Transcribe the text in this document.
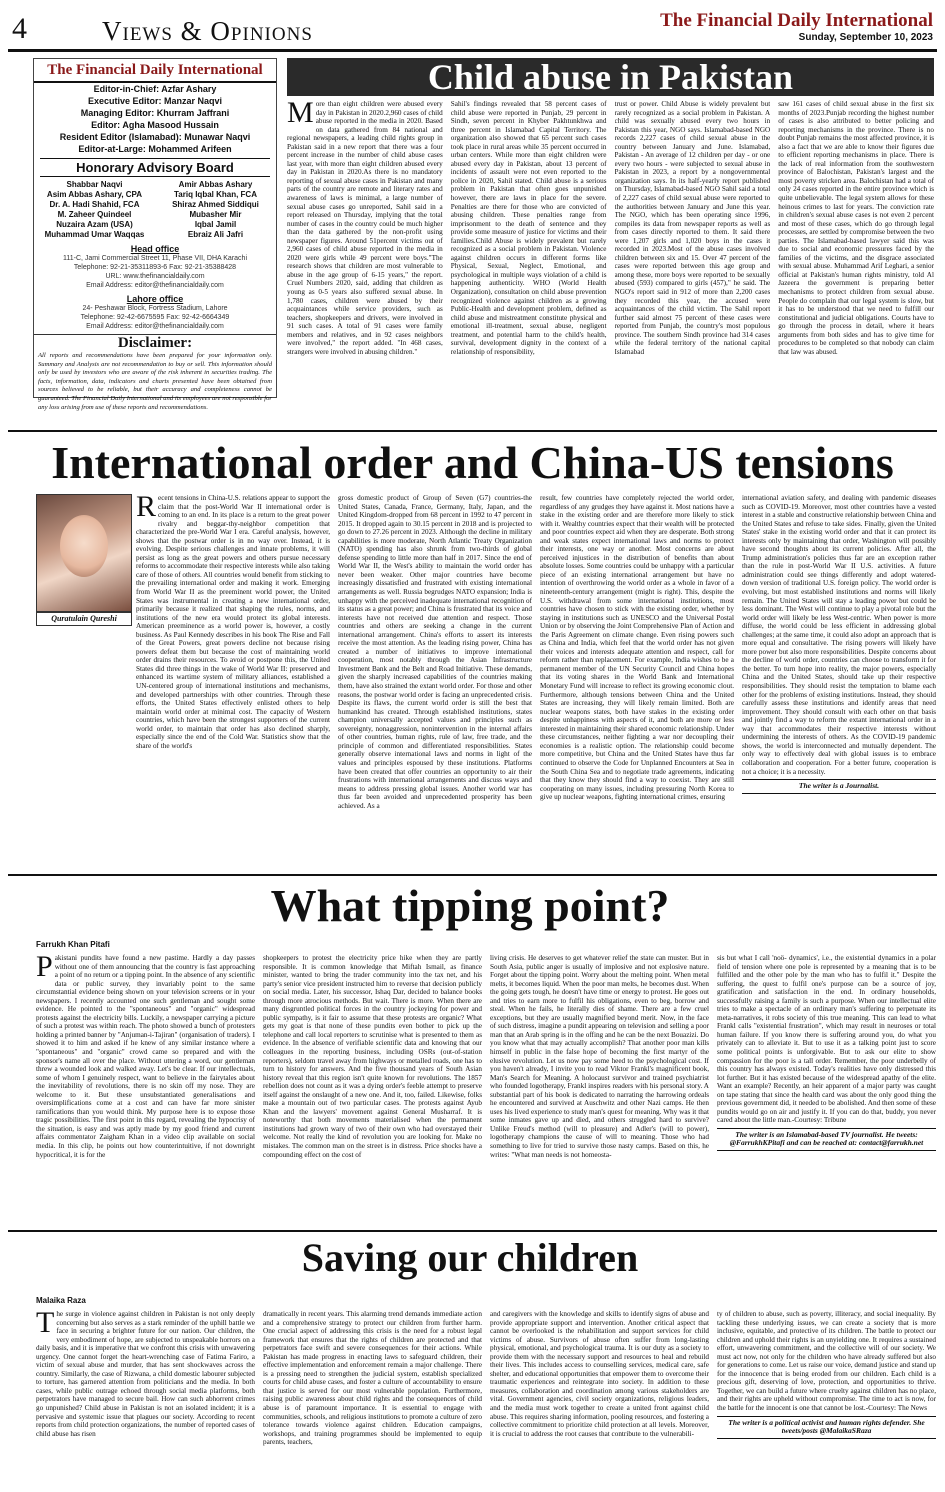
4	Views & Opinions	The Financial Daily International
Sunday, September 10, 2023
The Financial Daily International
Editor-in-Chief: Azfar Ashary
Executive Editor: Manzar Naqvi
Managing Editor: Khurram Jaffrani
Editor: Agha Masood Hussain
Resident Editor (Islamabad): Munawar Naqvi
Editor-at-Large: Mohammed Arifeen
Honorary Advisory Board
Shabbar Naqvi
Asim Abbas Ashary, CPA
Dr. A. Hadi Shahid, FCA
M. Zaheer Quindeel
Nuzaira Azam (USA)
Muhammad Umar Waqqas
Amir Abbas Ashary
Tariq Iqbal Khan, FCA
Shiraz Ahmed Siddiqui
Mubasher Mir
Iqbal Jamil
Ebraiz Ali Jafri
Head office
111-C, Jami Commercial Street 11, Phase VII, DHA Karachi
Telephone: 92-21-35311893-6 Fax: 92-21-35388428
URL: www.thefinancialdaily.com
Email Address: editor@thefinancialdaily.com
Lahore office
24- Peshawar Block, Fortress Stadium, Lahore
Telephone: 92-42-6675595 Fax: 92-42-6664349
Email Address: editor@thefinancialdaily.com
Disclaimer:
All reports and recommendations have been prepared for your information only. Summary and Analysis are not recommendation to buy or sell. This information should only be used by investors who are aware of the risk inherent in securities trading. The facts, information, data, indicators and charts presented have been obtained from sources believed to be reliable, but their accuracy and completeness cannot be guaranteed. The Financial Daily International and its employees are not responsible for any loss arising from use of these reports and recommendations.
Child abuse in Pakistan
More than eight children were abused every day in Pakistan in 2020.2,960 cases of child abuse reported in the media in 2020. Based on data gathered from 84 national and regional newspapers, a leading child rights group in Pakistan said in a new report that there was a four percent increase in the number of child abuse cases last year, with more than eight children abused every day in Pakistan in 2020.As there is no mandatory reporting of sexual abuse cases in Pakistan and many parts of the country are remote and literary rates and awareness of laws is minimal, a large number of sexual abuse cases go unreported, Sahil said in a report released on Thursday, implying that the total number of cases in the country could be much higher than the data gathered by the non-profit using newspaper figures. Around 51percent victims out of 2,960 cases of child abuse reported in the media in 2020 were girls while 49 percent were boys."The research shows that children are most vulnerable to abuse in the age group of 6-15 years," the report. Cruel Numbers 2020, said, adding that children as young as 0-5 years also suffered sexual abuse. In 1,780 cases, children were abused by their acquaintances while service providers, such as teachers, shopkeepers and drivers, were involved in 91 such cases. A total of 91 cases were family members and relatives, and in 92 cases neighbors were involved," the report added. "In 468 cases, strangers were involved in abusing children."
Sahil's findings revealed that 58 percent cases of child abuse were reported in Punjab, 29 percent in Sindh, seven percent in Khyber Pakhtunkhwa and three percent in Islamabad Capital Territory. The organization also showed that 65 percent such cases took place in rural areas while 35 percent occurred in urban centers. While more than eight children were abused every day in Pakistan, about 13 percent of incidents of assault were not even reported to the police in 2020, Sahil stated. Child abuse is a serious problem in Pakistan that often goes unpunished however, there are laws in place for the severe. Penalties are there for those who are convicted of abusing children. These penalties range from imprisonment to the death of sentence and they provide some measure of justice for victims and their families.Child Abuse is widely prevalent but rarely recognized as a social problem in Pakistan. Violence against children occurs in different forms like Physical, Sexual, Neglect, Emotional, and psychological in multiple ways violation of a child is happening authenticity. WHO (World Health Organization), consultation on child abuse prevention recognized violence against children as a growing Public-Health and development problem, defined as child abuse and mistreatment constitute physical and emotional ill-treatment, sexual abuse, negligent treatment, and potential harm to the child's health, survival, development dignity in the context of a relationship of responsibility,
trust or power. Child Abuse is widely prevalent but rarely recognized as a social problem in Pakistan. A child was sexually abused every two hours in Pakistan this year, NGO says. Islamabad-based NGO records 2,227 cases of child sexual abuse in the country between January and June. Islamabad, Pakistan - An average of 12 children per day - or one every two hours - were subjected to sexual abuse in Pakistan in 2023, a report by a nongovernmental organization says. In its half-yearly report published on Thursday, Islamabad-based NGO Sahil said a total of 2,227 cases of child sexual abuse were reported to the authorities between January and June this year. The NGO, which has been operating since 1996, compiles its data from newspaper reports as well as from cases directly reported to them. It said there were 1,207 girls and 1,020 boys in the cases it recorded in 2023.Most of the abuse cases involved children between six and 15. Over 47 percent of the cases were reported between this age group and among these, more boys were reported to be sexually abused (593) compared to girls (457)," he said. The NGO's report said in 912 of more than 2,200 cases they recorded this year, the accused were acquaintances of the child victim. The Sahil report further said almost 75 percent of these cases were reported from Punjab, the country's most populous province. The southern Sindh province had 314 cases while the federal territory of the national capital Islamabad
saw 161 cases of child sexual abuse in the first six months of 2023.Punjab recording the highest number of cases is also attributed to better policing and reporting mechanisms in the province. There is no doubt Punjab remains the most affected province, it is also a fact that we are able to know their figures due to efficient reporting mechanisms in place. There is the lack of real information from the southwestern province of Balochistan, Pakistan's largest and the most poverty stricken area. Balochistan had a total of only 24 cases reported in the entire province which is quite unbelievable. The legal system allows for these heinous crimes to last for years. The conviction rate in children's sexual abuse cases is not even 2 percent and most of these cases, which do go through legal processes, are settled by compromise between the two parties. The Islamabad-based lawyer said this was due to social and economic pressures faced by the families of the victims, and the disgrace associated with sexual abuse. Muhammad Arif Leghari, a senior official at Pakistan's human rights ministry, told Al Jazeera the government is preparing better mechanisms to protect children from sexual abuse. People do complain that our legal system is slow, but it has to be understood that we need to fulfill our constitutional and judicial obligations. Courts have to go through the process in detail, where it hears arguments from both sides and has to give time for procedures to be completed so that nobody can claim that law was abused.
International order and China-US tensions
Quratulain Qureshi
Recent tensions in China-U.S. relations appear to support the claim that the post-World War II international order is coming to an end. In its place is a return to the great power rivalry and beggar-thy-neighbor competition that characterized the pre-World War I era. Careful analysis, however, shows that the postwar order is in no way over. Instead, it is evolving. Despite serious challenges and innate problems, it will persist as long as the great powers and others pursue necessary reforms to accommodate their respective interests while also taking care of those of others. All countries would benefit from sticking to the prevailing international order and making it work. Emerging from World War II as the preeminent world power, the United States was instrumental in creating a new international order, primarily because it realized that shaping the rules, norms, and institutions of the new era would protect its global interests. American preeminence as a world power is, however, a costly business. As Paul Kennedy describes in his book The Rise and Fall of the Great Powers, great powers decline not because rising powers defeat them but because the cost of maintaining world order drains their resources. To avoid or postpone this, the United States did three things in the wake of World War II: preserved and enhanced its wartime system of military alliances, established a UN-centered group of international institutions and mechanisms, and developed partnerships with other countries. Through these efforts, the United States effectively enlisted others to help maintain world order at minimal cost. The capacity of Western countries, which have been the strongest supporters of the current world order, to maintain that order has also declined sharply, especially since the end of the Cold War. Statistics show that the share of the world's
gross domestic product of Group of Seven (G7) countries-the United States, Canada, France, Germany, Italy, Japan, and the United Kingdom-dropped from 68 percent in 1992 to 47 percent in 2015. It dropped again to 30.15 percent in 2018 and is projected to go down to 27.26 percent in 2023. Although the decline in military capabilities is more moderate, North Atlantic Treaty Organization (NATO) spending has also shrunk from two-thirds of global defense spending to little more than half in 2017. Since the end of World War II, the West's ability to maintain the world order has never been weaker. Other major countries have become increasingly dissatisfied and frustrated with existing international arrangements as well. Russia begrudges NATO expansion; India is unhappy with the perceived inadequate international recognition of its status as a great power; and China is frustrated that its voice and interests have not received due attention and respect. Those countries and others are seeking a change in the current international arrangement. China's efforts to assert its interests receive the most attention. As the leading rising power, China has created a number of initiatives to improve international cooperation, most notably through the Asian Infrastructure Investment Bank and the Belt and Road Initiative. These demands, given the sharply increased capabilities of the countries making them, have also strained the extant world order. For those and other reasons, the postwar world order is facing an unprecedented crisis. Despite its flaws, the current world order is still the best that humankind has created. Through established institutions, states champion universally accepted values and principles such as sovereignty, nonaggression, nonintervention in the internal affairs of other countries, human rights, rule of law, free trade, and the principle of common and differentiated responsibilities. States generally observe international laws and norms in light of the values and principles espoused by these institutions. Platforms have been created that offer countries an opportunity to air their frustrations with international arrangements and discuss ways and means to address pressing global issues. Another world war has thus far been avoided and unprecedented prosperity has been achieved. As a
result, few countries have completely rejected the world order, regardless of any grudges they have against it. Most nations have a stake in the existing order and are therefore more likely to stick with it. Wealthy countries expect that their wealth will be protected and poor countries expect aid when they are desperate. Both strong and weak states expect international laws and norms to protect their interests, one way or another. Most concerns are about perceived injustices in the distribution of benefits than about absolute losses. Some countries could be unhappy with a particular piece of an existing international arrangement but have no intention of overthrowing the world order as a whole in favor of a nineteenth-century arrangement (might is right). This, despite the U.S. withdrawal from some international institutions, most countries have chosen to stick with the existing order, whether by staying in institutions such as UNESCO and the Universal Postal Union or by observing the Joint Comprehensive Plan of Action and the Paris Agreement on climate change. Even rising powers such as China and India, which feel that the world order has not given their voices and interests adequate attention and respect, call for reform rather than replacement. For example, India wishes to be a permanent member of the UN Security Council and China hopes that its voting shares in the World Bank and International Monetary Fund will increase to reflect its growing economic clout. Furthermore, although tensions between China and the United States are increasing, they will likely remain limited. Both are nuclear weapons states, both have stakes in the existing order despite unhappiness with aspects of it, and both are more or less interested in maintaining their shared economic relationship. Under these circumstances, neither fighting a war nor decoupling their economies is a realistic option. The relationship could become more competitive, but China and the United States have thus far continued to observe the Code for Unplanned Encounters at Sea in the South China Sea and to negotiate trade agreements, indicating that they know they should find a way to coexist. They are still cooperating on many issues, including pressuring North Korea to give up nuclear weapons, fighting international crimes, ensuring
international aviation safety, and dealing with pandemic diseases such as COVID-19. Moreover, most other countries have a vested interest in a stable and constructive relationship between China and the United States and refuse to take sides. Finally, given the United States' stake in the existing world order and that it can protect its interests only by maintaining that order, Washington will possibly have second thoughts about its current policies. After all, the Trump administration's policies thus far are an exception rather than the rule in post-World War II U.S. activities. A future administration could see things differently and adopt watered-down version of traditional U.S. foreign policy. The world order is evolving, but most established institutions and norms will likely remain. The United States will stay a leading power but could be less dominant. The West will continue to play a pivotal role but the world order will likely be less West-centric. When power is more diffuse, the world could be less efficient in addressing global challenges; at the same time, it could also adopt an approach that is more equal and consultative. The rising powers will likely have more power but also more responsibilities. Despite concerns about the decline of world order, countries can choose to transform it for the better. To turn hope into reality, the major powers, especially China and the United States, should take up their respective responsibilities. They should resist the temptation to blame each other for the problems of existing institutions. Instead, they should carefully assess these institutions and identify areas that need improvement. They should consult with each other on that basis and jointly find a way to reform the extant international order in a way that accommodates their respective interests without undermining the interests of others. As the COVID-19 pandemic shows, the world is interconnected and mutually dependent. The only way to effectively deal with global issues is to embrace collaboration and cooperation. For a better future, cooperation is not a choice; it is a necessity.
The writer is a Journalist.
What tipping point?
Farrukh Khan Pitafi
Pakistani pundits have found a new pastime. Hardly a day passes without one of them announcing that the country is fast approaching a point of no return or a tipping point. In the absence of any scientific data or public survey, they invariably point to the same circumstantial evidence being shown on your television screens or in your newspapers. I recently accounted one such gentleman and sought some evidence. He pointed to the "spontaneous" and "organic" widespread protests against the electricity bills. Luckily, a newspaper carrying a picture of such a protest was within reach. The photo showed a bunch of protesters holding a printed banner by "Anjuman-i-Tajiran" (organisation of traders). I showed it to him and asked if he knew of any similar instance where a "spontaneous" and "organic" crowd came so prepared and with the sponsor's name all over the place. Without uttering a word, our gentleman threw a wounded look and walked away. Let's be clear. If our intellectuals, some of whom I genuinely respect, want to believe in the fairytales about the inevitability of revolutions, there is no skin off my nose. They are welcome to it. But these unsubstantiated generalisations and oversimplifications come at a cost and can have far more sinister ramifications than you would think. My purpose here is to expose those tragic possibilities. The first point in this regard, revealing the hypocrisy of the situation, is easy and was aptly made by my good friend and current affairs commentator Zaigham Khan in a video clip available on social media. In this clip, he points out how counterintuitive, if not downright hypocritical, it is for the
shopkeepers to protest the electricity price hike when they are partly responsible. It is common knowledge that Miftah Ismail, as finance minister, wanted to bring the trader community into the tax net, and his party's senior vice president instructed him to reverse that decision publicly on social media. Later, his successor, Ishaq Dar, decided to balance books through more atrocious methods. But wait. There is more. When there are many disgruntled political forces in the country jockeying for power and public sympathy, is it fair to assume that these protests are organic? What gets my goat is that none of these pundits even bother to pick up the telephone and call local reporters to scrutinise what is presented to them as evidence. In the absence of verifiable scientific data and knowing that our colleagues in the reporting business, including OSRs (out-of-station reporters), seldom travel away from highways or metalled roads, one has to turn to history for answers. And the five thousand years of South Asian history reveal that this region isn't quite known for revolutions. The 1857 rebellion does not count as it was a dying order's feeble attempt to preserve itself against the onslaught of a new one. And it, too, failed. Likewise, folks make a mountain out of two particular cases. The protests against Ayub Khan and the lawyers' movement against General Musharraf. It is noteworthy that both movements materialised when the permanent institutions had grown wary of two of their own who had overstayed their welcome. Not really the kind of revolution you are looking for. Make no mistakes. The common man on the street is in distress. Price shocks have a compounding effect on the cost of
living crisis. He deserves to get whatever relief the state can muster. But in South Asia, public anger is usually of implosive and not explosive nature. Forget about the tipping point. Worry about the melting point. When metal melts, it becomes liquid. When the poor man melts, he becomes dust. When the going gets tough, he doesn't have time or energy to protest. He goes out and tries to earn more to fulfil his obligations, even to beg, borrow and steal. When he fails, he literally dies of shame. There are a few cruel exceptions, but they are usually magnified beyond merit. Now, in the face of such distress, imagine a pundit appearing on television and selling a poor man that an Arab spring is in the offing and he can be the next Bouazizi. Do you know what that may actually accomplish? That another poor man kills himself in public in the false hope of becoming the first martyr of the elusive revolution. Let us now pay some heed to the psychological cost. If you haven't already, I invite you to read Viktor Frankl's magnificent book, Man's Search for Meaning. A holocaust survivor and trained psychiatrist who founded logotherapy, Frankl inspires readers with his personal story. A substantial part of his book is dedicated to narrating the harrowing ordeals he encountered and survived at Auschwitz and other Nazi camps. He then uses his lived experience to study man's quest for meaning. Why was it that some inmates gave up and died, and others struggled hard to survive? Unlike Freud's method (will to pleasure) and Adler's (will to power), logotherapy champions the cause of will to meaning. Those who had something to live for tried to survive those nasty camps. Based on this, he writes: "What man needs is not homeosta-
sis but what I call 'noö- dynamics', i.e., the existential dynamics in a polar field of tension where one pole is represented by a meaning that is to be fulfilled and the other pole by the man who has to fulfil it." Despite the suffering, the quest to fulfil one's purpose can be a source of joy, gratification and satisfaction in the end. In ordinary households, successfully raising a family is such a purpose. When our intellectual elite tries to make a spectacle of an ordinary man's suffering to perpetuate its meta-narratives, it robs society of this true meaning. This can lead to what Frankl calls "existential frustration", which may result in neuroses or total human failure. If you know there is suffering around you, do what you privately can to alleviate it. But to use it as a talking point just to score some political points is unforgivable. But to ask our elite to show compassion for the poor is a tall order. Remember, the poor underbelly of this country has always existed. Today's realities have only distressed this lot further. But it has existed because of the widespread apathy of the elite. Want an example? Recently, an heir apparent of a major party was caught on tape stating that since the health card was about the only good thing the previous government did, it needed to be abolished. And then some of these pundits would go on air and justify it. If you can do that, buddy, you never cared about the little man.-Courtesy: Tribune
The writer is an Islamabad-based TV journalist. He tweets: @FarrukhKPitafi and can be reached at: contact@farrukh.net
Saving our children
Malaika Raza
The surge in violence against children in Pakistan is not only deeply concerning but also serves as a stark reminder of the uphill battle we face in securing a brighter future for our nation. Our children, the very embodiment of hope, are subjected to unspeakable horrors on a daily basis, and it is imperative that we confront this crisis with unwavering urgency. One cannot forget the heart-wrenching case of Fatima Fariro, a victim of sexual abuse and murder, that has sent shockwaves across the country. Similarly, the case of Rizwana, a child domestic labourer subjected to torture, has garnered attention from politicians and the media. In both cases, while public outrage echoed through social media platforms, both perpetrators have managed to secure bail. How can such abhorrent crimes go unpunished? Child abuse in Pakistan is not an isolated incident; it is a pervasive and systemic issue that plagues our society. According to recent reports from child protection organizations, the number of reported cases of child abuse has risen
dramatically in recent years. This alarming trend demands immediate action and a comprehensive strategy to protect our children from further harm. One crucial aspect of addressing this crisis is the need for a robust legal framework that ensures that the rights of children are protected and that perpetrators face swift and severe consequences for their actions. While Pakistan has made progress in enacting laws to safeguard children, their effective implementation and enforcement remain a major challenge. There is a pressing need to strengthen the judicial system, establish specialized courts for child abuse cases, and foster a culture of accountability to ensure that justice is served for our most vulnerable population. Furthermore, raising public awareness about child rights and the consequences of child abuse is of paramount importance. It is essential to engage with communities, schools, and religious institutions to promote a culture of zero tolerance towards violence against children. Education campaigns, workshops, and training programmes should be implemented to equip parents, teachers,
and caregivers with the knowledge and skills to identify signs of abuse and provide appropriate support and intervention. Another critical aspect that cannot be overlooked is the rehabilitation and support services for child victims of abuse. Survivors of abuse often suffer from long-lasting physical, emotional, and psychological trauma. It is our duty as a society to provide them with the necessary support and resources to heal and rebuild their lives. This includes access to counselling services, medical care, safe shelter, and educational opportunities that empower them to overcome their traumatic experiences and reintegrate into society. In addition to these measures, collaboration and coordination among various stakeholders are vital. Government agencies, civil society organizations, religious leaders, and the media must work together to create a united front against child abuse. This requires sharing information, pooling resources, and fostering a collective commitment to prioritize child protection at all levels. Moreover, it is crucial to address the root causes that contribute to the vulnerabili-
ty of children to abuse, such as poverty, illiteracy, and social inequality. By tackling these underlying issues, we can create a society that is more inclusive, equitable, and protective of its children. The battle to protect our children and uphold their rights is an unyielding one. It requires a sustained effort, unwavering commitment, and the collective will of our society. We must act now, not only for the children who have already suffered but also for generations to come. Let us raise our voice, demand justice and stand up for the innocence that is being eroded from our children. Each child is a precious gift, deserving of love, protection, and opportunities to thrive. Together, we can build a future where cruelty against children has no place, and their rights are upheld without compromise. The time to act is now, for the battle for the innocent is one that cannot be lost.-Courtesy: The News
The writer is a political activist and human rights defender. She tweets/posts @MalaikaSRaza
